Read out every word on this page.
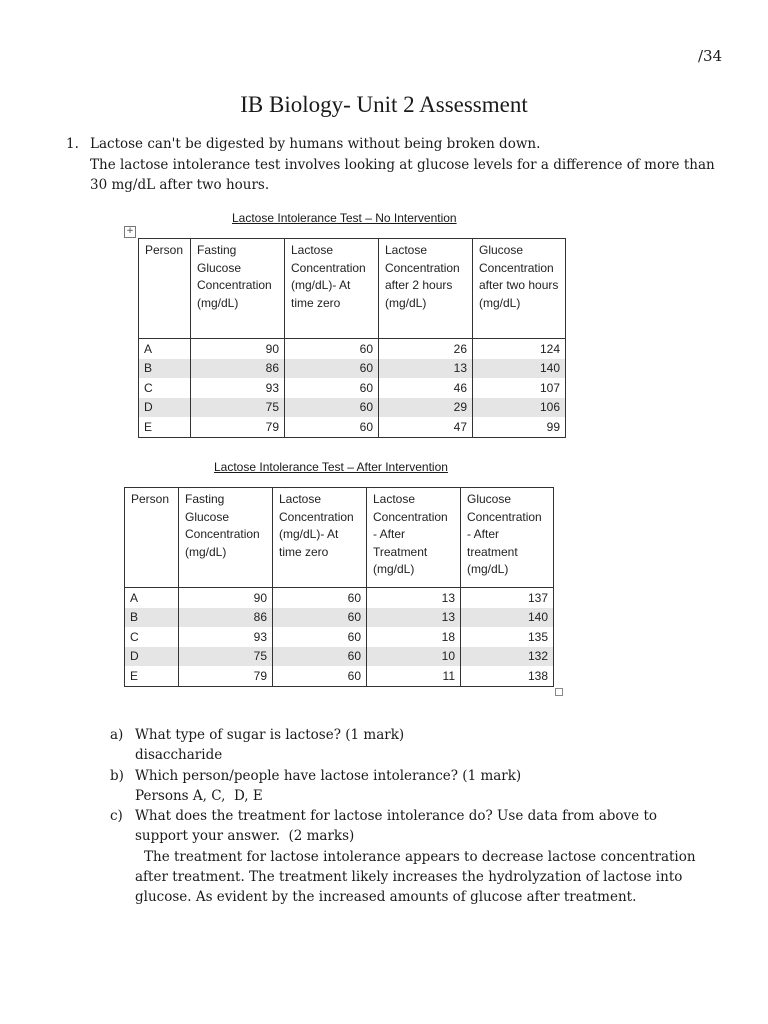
/34
IB Biology- Unit 2 Assessment
1. Lactose can't be digested by humans without being broken down.
The lactose intolerance test involves looking at glucose levels for a difference of more than 30 mg/dL after two hours.
Lactose Intolerance Test – No Intervention
+
Person	Fasting Glucose Concentration (mg/dL)	Lactose Concentration (mg/dL)- At time zero	Lactose Concentration after 2 hours (mg/dL)	Glucose Concentration after two hours (mg/dL)
A	90	60	26	124
B	86	60	13	140
C	93	60	46	107
D	75	60	29	106
E	79	60	47	99
Lactose Intolerance Test – After Intervention
Person	Fasting Glucose Concentration (mg/dL)	Lactose Concentration (mg/dL)- At time zero	Lactose Concentration - After Treatment (mg/dL)	Glucose Concentration - After treatment (mg/dL)
A	90	60	13	137
B	86	60	13	140
C	93	60	18	135
D	75	60	10	132
E	79	60	11	138
a) What type of sugar is lactose? (1 mark)
disaccharide
b) Which person/people have lactose intolerance? (1 mark)
Persons A, C,  D, E
c) What does the treatment for lactose intolerance do? Use data from above to support your answer.  (2 marks)
The treatment for lactose intolerance appears to decrease lactose concentration after treatment. The treatment likely increases the hydrolyzation of lactose into glucose. As evident by the increased amounts of glucose after treatment.
